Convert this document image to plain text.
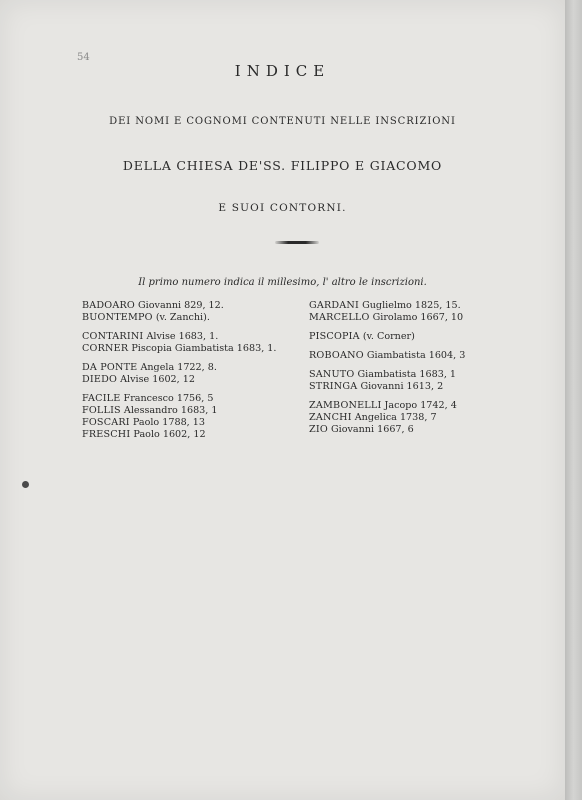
54
INDICE
DEI NOMI E COGNOMI CONTENUTI NELLE INSCRIZIONI
DELLA CHIESA DE'SS. FILIPPO E GIACOMO
E SUOI CONTORNI.
Il primo numero indica il millesimo, l' altro le inscrizioni.
BADOARO Giovanni 829, 12.
BUONTEMPO (v. Zanchi).
CONTARINI Alvise 1683, 1.
CORNER Piscopia Giambatista 1683, 1.
DA PONTE Angela 1722, 8.
DIEDO Alvise 1602, 12
FACILE Francesco 1756, 5
FOLLIS Alessandro 1683, 1
FOSCARI Paolo 1788, 13
FRESCHI Paolo 1602, 12
GARDANI Guglielmo 1825, 15.
MARCELLO Girolamo 1667, 10
PISCOPIA (v. Corner)
ROBOANO Giambatista 1604, 3
SANUTO Giambatista 1683, 1
STRINGA Giovanni 1613, 2
ZAMBONELLI Jacopo 1742, 4
ZANCHI Angelica 1738, 7
ZIO Giovanni 1667, 6
